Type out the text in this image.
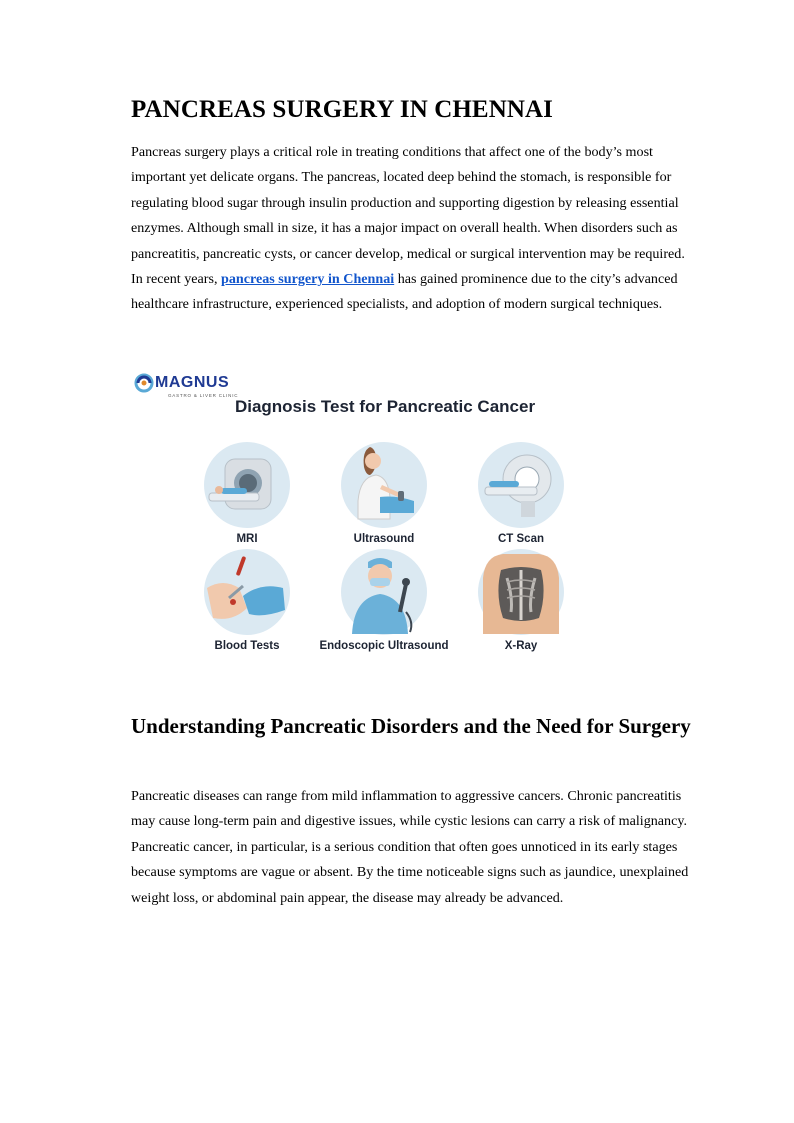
PANCREAS SURGERY IN CHENNAI

Pancreas surgery plays a critical role in treating conditions that affect one of the body’s most important yet delicate organs. The pancreas, located deep behind the stomach, is responsible for regulating blood sugar through insulin production and supporting digestion by releasing essential enzymes. Although small in size, it has a major impact on overall health. When disorders such as pancreatitis, pancreatic cysts, or cancer develop, medical or surgical intervention may be required. In recent years, pancreas surgery in Chennai has gained prominence due to the city’s advanced healthcare infrastructure, experienced specialists, and adoption of modern surgical techniques.

MAGNUS
GASTRO & LIVER CLINIC
Diagnosis Test for Pancreatic Cancer
MRI	Ultrasound	CT Scan
Blood Tests	Endoscopic Ultrasound	X-Ray
Understanding Pancreatic Disorders and the Need for Surgery

Pancreatic diseases can range from mild inflammation to aggressive cancers. Chronic pancreatitis may cause long-term pain and digestive issues, while cystic lesions can carry a risk of malignancy. Pancreatic cancer, in particular, is a serious condition that often goes unnoticed in its early stages because symptoms are vague or absent. By the time noticeable signs such as jaundice, unexplained weight loss, or abdominal pain appear, the disease may already be advanced.
